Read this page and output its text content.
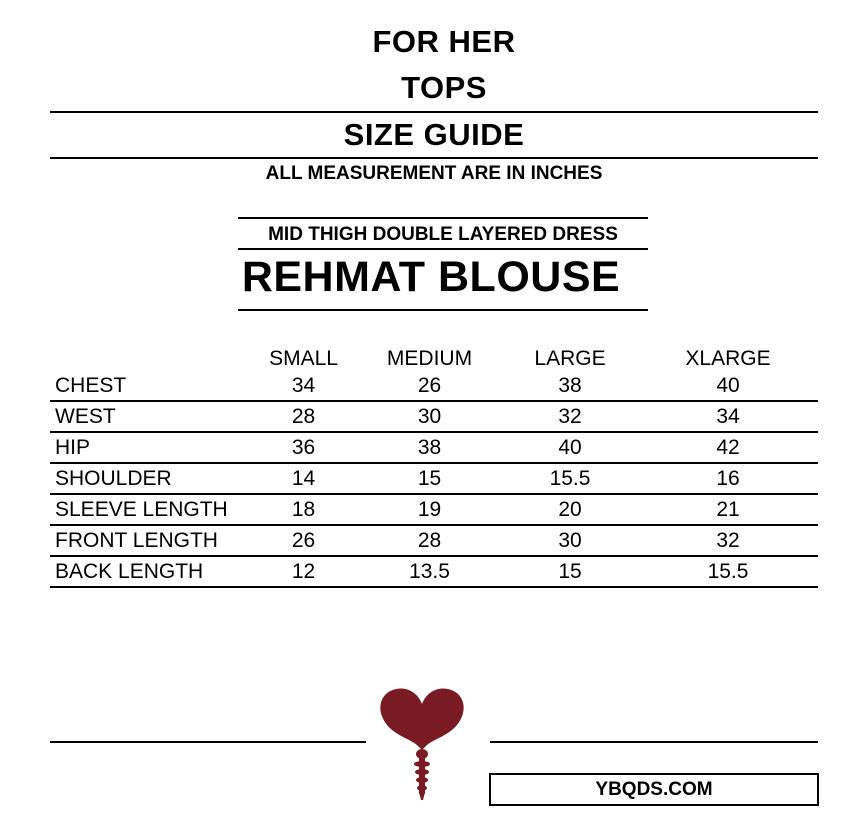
FOR HER
TOPS
SIZE GUIDE
ALL MEASUREMENT ARE IN INCHES
MID THIGH DOUBLE LAYERED DRESS
REHMAT BLOUSE
	SMALL	MEDIUM	LARGE	XLARGE
CHEST	34	26	38	40
WEST	28	30	32	34
HIP	36	38	40	42
SHOULDER	14	15	15.5	16
SLEEVE LENGTH	18	19	20	21
FRONT LENGTH	26	28	30	32
BACK LENGTH	12	13.5	15	15.5
YBQDS.COM
